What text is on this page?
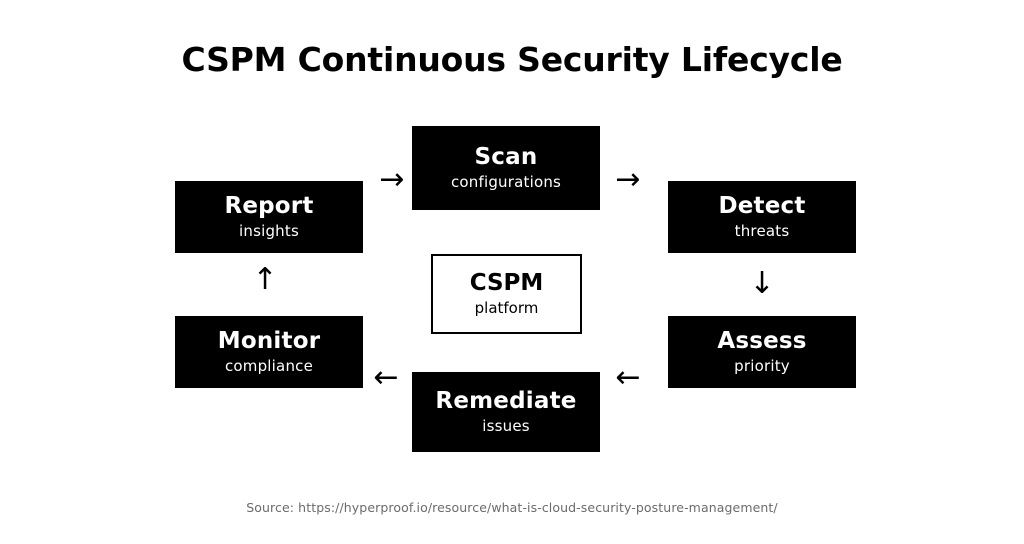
CSPM Continuous Security Lifecycle
Scan
configurations
Detect
threats
Assess
priority
Remediate
issues
Monitor
compliance
Report
insights
CSPM
platform
→	→
↓
←
←
↑
Source: https://hyperproof.io/resource/what-is-cloud-security-posture-management/
